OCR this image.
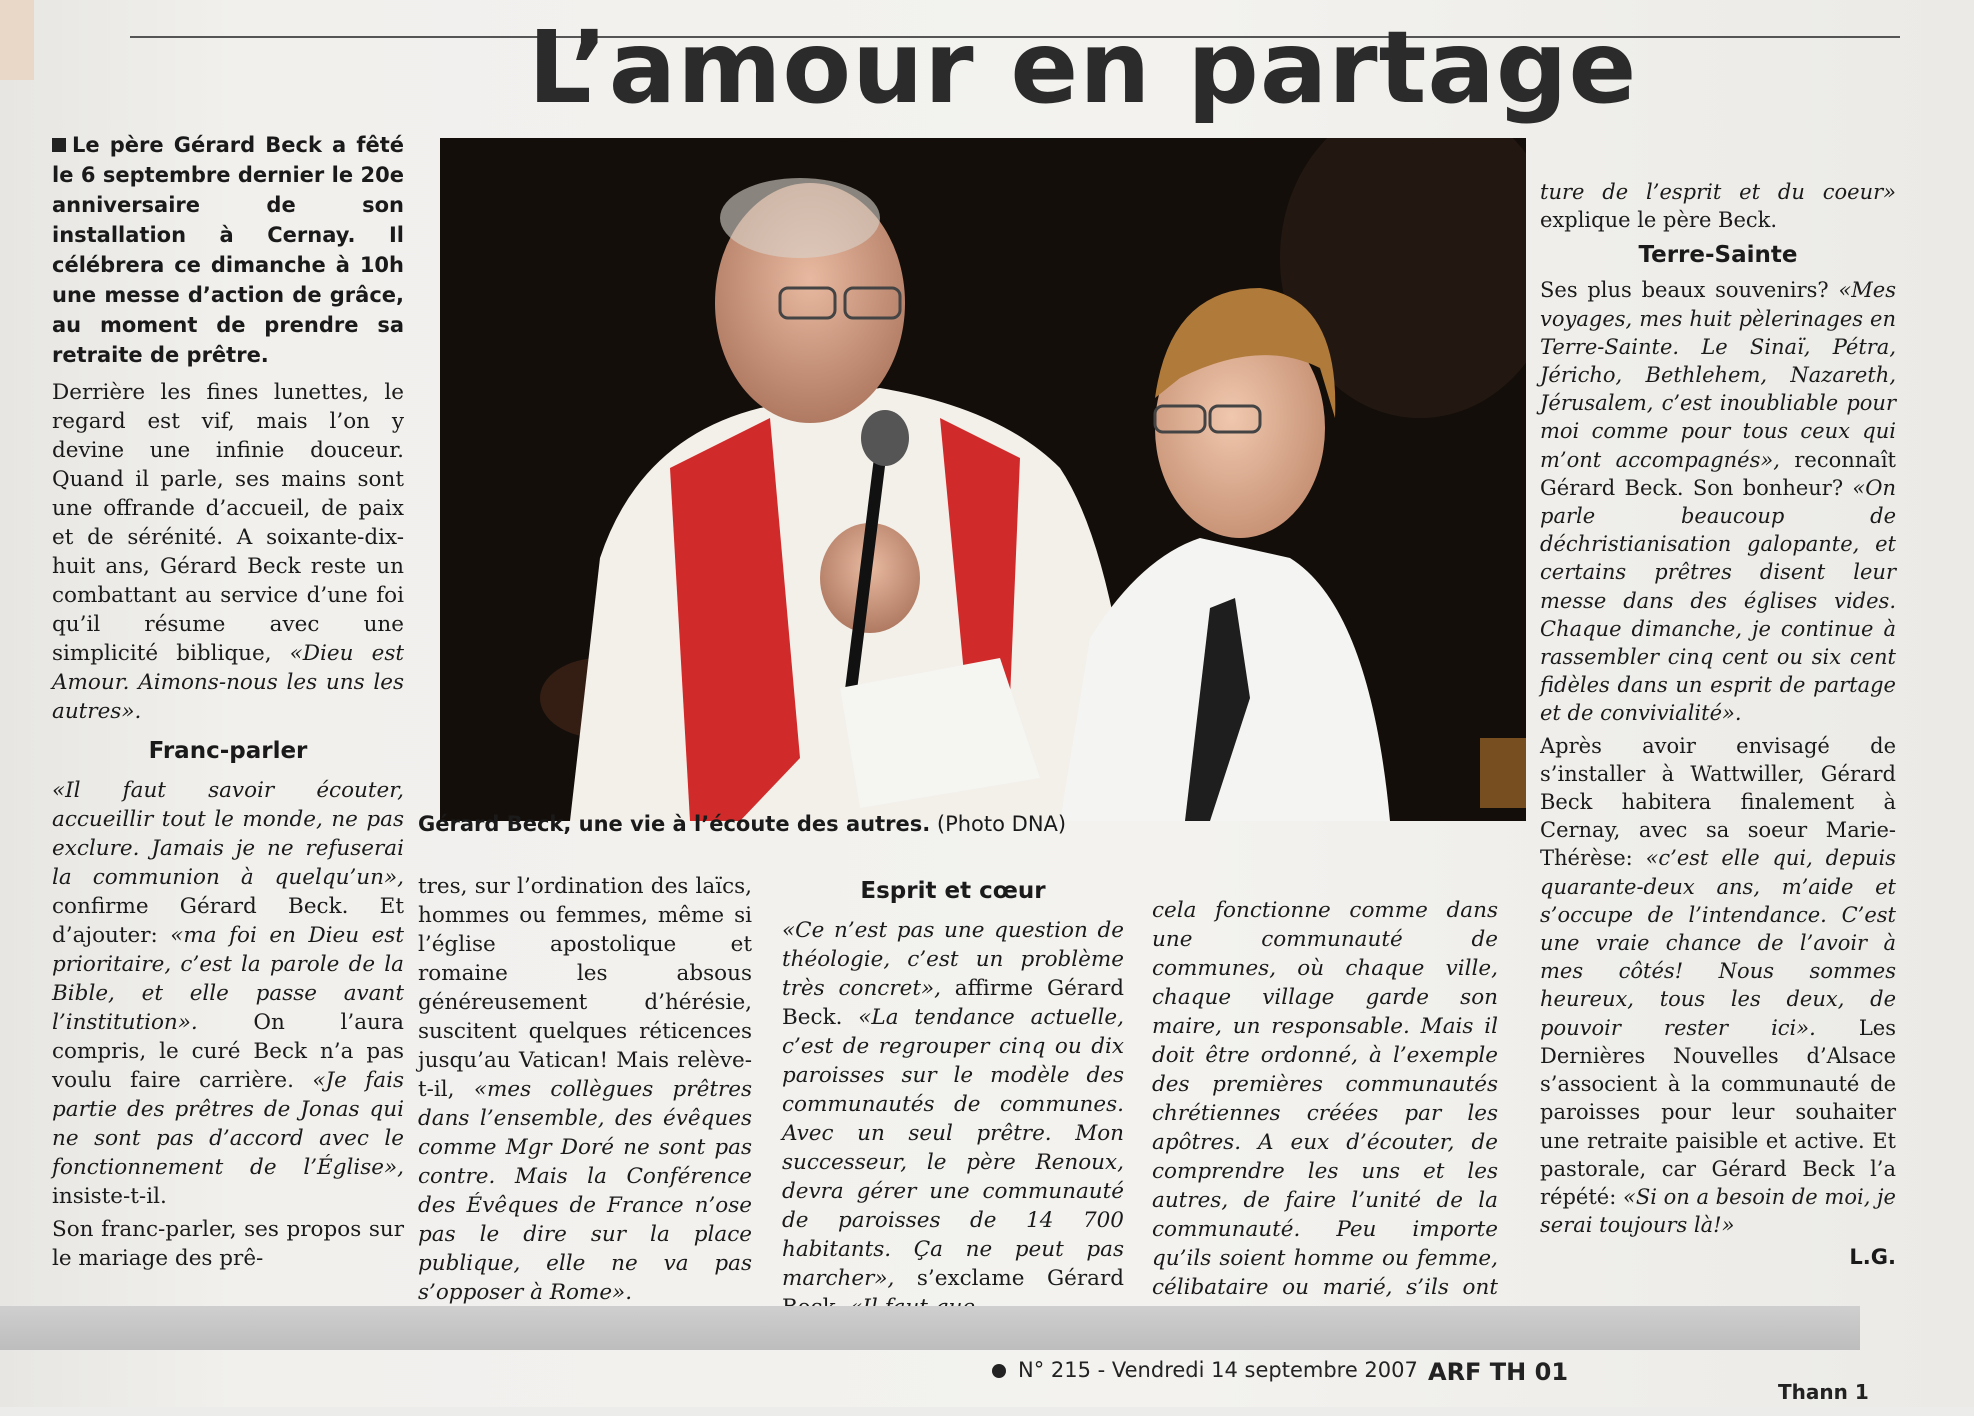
L’amour en partage

Le père Gérard Beck a fêté le 6 septembre dernier le 20e anniversaire de son installation à Cernay. Il célébrera ce dimanche à 10h une messe d’action de grâce, au moment de prendre sa retraite de prêtre.

Derrière les fines lunettes, le regard est vif, mais l’on y devine une infinie douceur. Quand il parle, ses mains sont une offrande d’accueil, de paix et de sérénité. A soixante-dix-huit ans, Gérard Beck reste un combattant au service d’une foi qu’il résume avec une simplicité biblique, «Dieu est Amour. Aimons-nous les uns les autres».

Franc-parler

«Il faut savoir écouter, accueillir tout le monde, ne pas exclure. Jamais je ne refuserai la communion à quelqu’un», confirme Gérard Beck. Et d’ajouter: «ma foi en Dieu est prioritaire, c’est la parole de la Bible, et elle passe avant l’institution».	On l’aura compris, le curé Beck n’a pas voulu faire carrière. «Je fais partie des prêtres de Jonas qui ne sont pas d’accord avec le fonctionnement de l’Église», insiste-t-il.

Son franc-parler, ses propos sur le mariage des prê-

Gérard Beck, une vie à l’écoute des autres. (Photo DNA)

tres, sur l’ordination des laïcs, hommes ou femmes, même si l’église apostolique et romaine les absous généreusement d’hérésie, suscitent quelques réticences jusqu’au Vatican! Mais relève-t-il, «mes collègues prêtres dans l’ensemble, des évêques comme Mgr Doré ne sont pas contre. Mais la Conférence des Évêques de France n’ose pas le dire sur la place publique, elle ne va pas s’opposer à Rome».

Esprit et cœur

«Ce n’est pas une question de théologie, c’est un problème très concret», affirme Gérard Beck. «La tendance actuelle, c’est de regrouper cinq ou dix paroisses sur le modèle des communautés de communes. Avec un seul prêtre. Mon successeur, le père Renoux, devra gérer une communauté de paroisses de 14 700 habitants. Ça ne peut pas marcher», s’exclame Gérard

cela fonctionne comme dans une communauté de communes, où chaque ville, chaque village garde son maire, un responsable. Mais il doit être ordonné, à l’exemple des premières communautés chrétiennes créées par les apôtres. A eux d’écouter, de comprendre les uns et les autres, de faire l’unité de la communauté. Peu importe qu’ils soient homme ou femme, célibataire ou marié, s’ils ont

ture de l’esprit et du coeur» explique le père Beck.

Terre-Sainte

Ses plus beaux souvenirs? «Mes voyages, mes huit pèlerinages en Terre-Sainte. Le Sinaï, Pétra, Jéricho, Bethlehem, Nazareth, Jérusalem, c’est inoubliable pour moi comme pour tous ceux qui m’ont accompagnés», reconnaît Gérard Beck. Son bonheur? «On parle beaucoup de déchristianisation galopante, et certains prêtres disent leur messe dans des églises vides. Chaque dimanche, je continue à rassembler cinq cent ou six cent fidèles dans un esprit de partage et de convivialité».

Après avoir envisagé de s’installer à Wattwiller, Gérard Beck habitera finalement à Cernay, avec sa soeur Marie-Thérèse: «c’est elle qui, depuis quarante-deux ans, m’aide et s’occupe de l’intendance. C’est une vraie chance de l’avoir à mes côtés! Nous sommes heureux, tous les deux, de pouvoir rester ici». Les Dernières Nouvelles d’Alsace s’associent à la communauté de paroisses pour leur souhaiter une retraite paisible et active. Et pastorale, car Gérard Beck l’a répété: «Si on a besoin de moi, je serai toujours là!»

L.G.

N° 215 - Vendredi 14 septembre 2007 ARF TH 01
Thann 1
